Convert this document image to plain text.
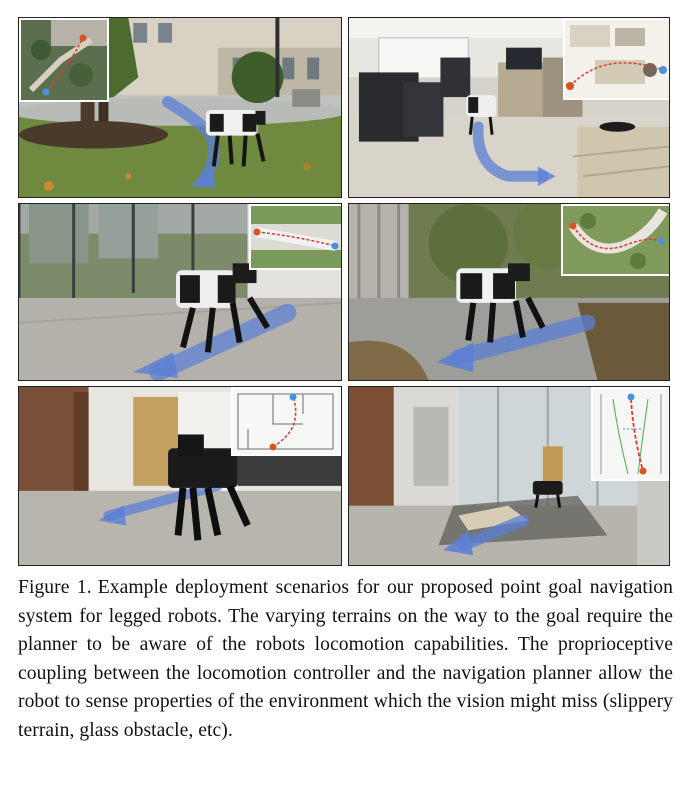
Figure 1. Example deployment scenarios for our proposed point goal navigation system for legged robots. The varying terrains on the way to the goal require the planner to be aware of the robots locomotion capabilities. The proprioceptive coupling between the locomotion controller and the navigation planner allow the robot to sense properties of the environment which the vision might miss (slippery terrain, glass obstacle, etc).
